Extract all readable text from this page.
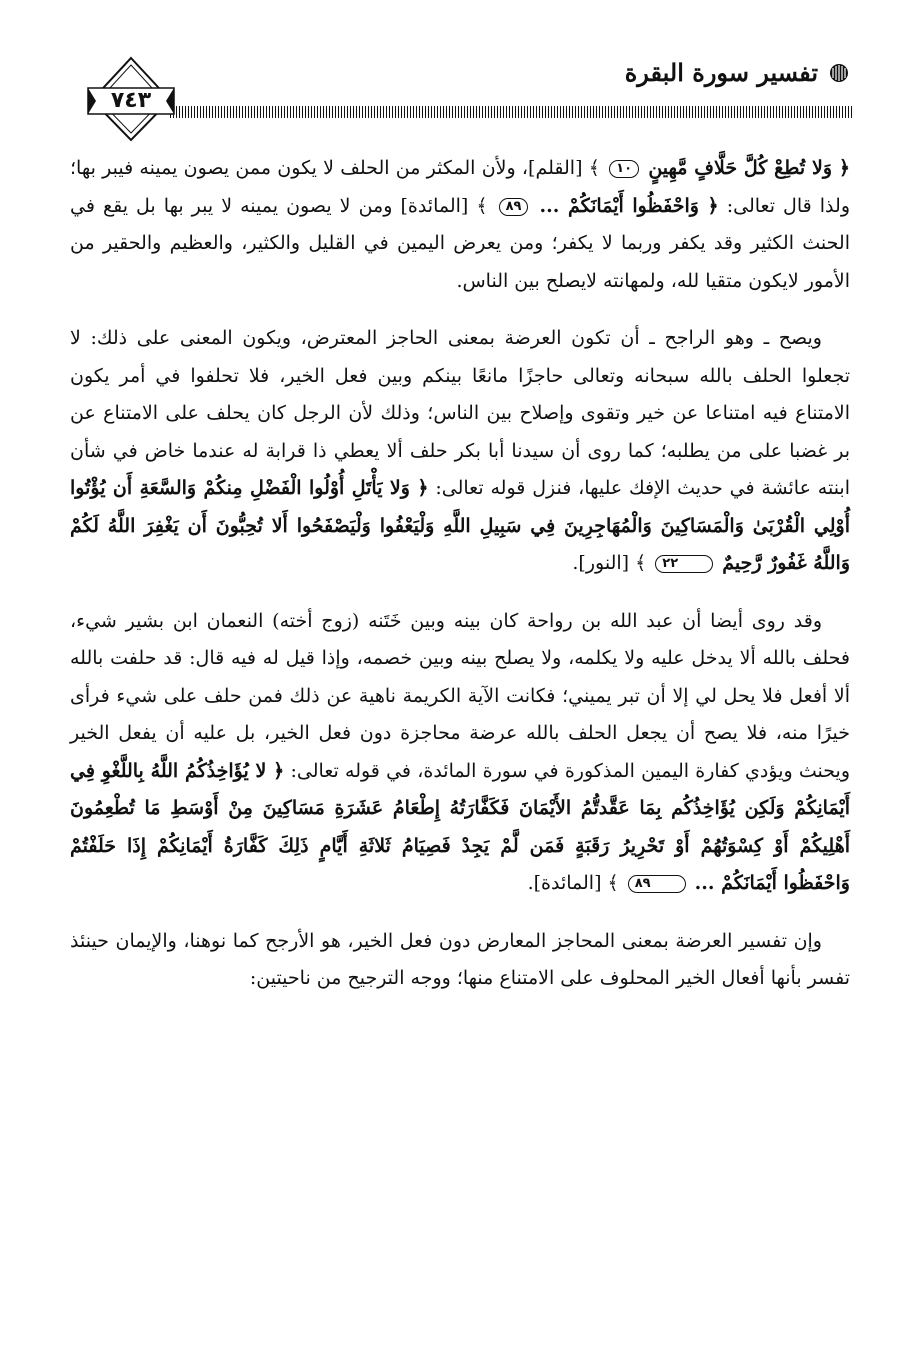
تفسير سورة البقرة
٧٤٣

﴿ وَلا تُطِعْ كُلَّ حَلَّافٍ مَّهِينٍ ١٠ ﴾ [القلم]، ولأن المكثر من الحلف لا يكون ممن يصون يمينه فيبر بها؛ ولذا قال تعالى: ﴿ وَاحْفَظُوا أَيْمَانَكُمْ ... ٨٩ ﴾ [المائدة] ومن لا يصون يمينه لا يبر بها بل يقع في الحنث الكثير وقد يكفر وربما لا يكفر؛ ومن يعرض اليمين في القليل والكثير، والعظيم والحقير من الأمور لايكون متقيا لله، ولمهانته لايصلح بين الناس.

ويصح ـ وهو الراجح ـ أن تكون العرضة بمعنى الحاجز المعترض، ويكون المعنى على ذلك: لا تجعلوا الحلف بالله سبحانه وتعالى حاجزًا مانعًا بينكم وبين فعل الخير، فلا تحلفوا في أمر يكون الامتناع فيه امتناعا عن خير وتقوى وإصلاح بين الناس؛ وذلك لأن الرجل كان يحلف على الامتناع عن بر غضبا على من يطلبه؛ كما روى أن سيدنا أبا بكر حلف ألا يعطي ذا قرابة له عندما خاض في شأن ابنته عائشة في حديث الإفك عليها، فنزل قوله تعالى: ﴿ وَلا يَأْتَلِ أُوْلُوا الْفَضْلِ مِنكُمْ وَالسَّعَةِ أَن يُؤْتُوا أُوْلِي الْقُرْبَىٰ وَالْمَسَاكِينَ وَالْمُهَاجِرِينَ فِي سَبِيلِ اللَّهِ وَلْيَعْفُوا وَلْيَصْفَحُوا أَلا تُحِبُّونَ أَن يَغْفِرَ اللَّهُ لَكُمْ وَاللَّهُ غَفُورٌ رَّحِيمٌ ٢٢ ﴾ [النور].

وقد روى أيضا أن عبد الله بن رواحة كان بينه وبين خَتَنه (زوج أخته) النعمان ابن بشير شيء، فحلف بالله ألا يدخل عليه ولا يكلمه، ولا يصلح بينه وبين خصمه، وإذا قيل له فيه قال: قد حلفت بالله ألا أفعل فلا يحل لي إلا أن تبر يميني؛ فكانت الآية الكريمة ناهية عن ذلك فمن حلف على شيء فرأى خيرًا منه، فلا يصح أن يجعل الحلف بالله عرضة محاجزة دون فعل الخير، بل عليه أن يفعل الخير ويحنث ويؤدي كفارة اليمين المذكورة في سورة المائدة، في قوله تعالى: ﴿ لا يُؤَاخِذُكُمُ اللَّهُ بِاللَّغْوِ فِي أَيْمَانِكُمْ وَلَكِن يُؤَاخِذُكُم بِمَا عَقَّدتُّمُ الأَيْمَانَ فَكَفَّارَتُهُ إِطْعَامُ عَشَرَةِ مَسَاكِينَ مِنْ أَوْسَطِ مَا تُطْعِمُونَ أَهْلِيكُمْ أَوْ كِسْوَتُهُمْ أَوْ تَحْرِيرُ رَقَبَةٍ فَمَن لَّمْ يَجِدْ فَصِيَامُ ثَلاثَةِ أَيَّامٍ ذَلِكَ كَفَّارَةُ أَيْمَانِكُمْ إِذَا حَلَفْتُمْ وَاحْفَظُوا أَيْمَانَكُمْ ... ٨٩ ﴾ [المائدة].

وإن تفسير العرضة بمعنى المحاجز المعارض دون فعل الخير، هو الأرجح كما نوهنا، والإيمان حينئذ تفسر بأنها أفعال الخير المحلوف على الامتناع منها؛ ووجه الترجيح من ناحيتين:
